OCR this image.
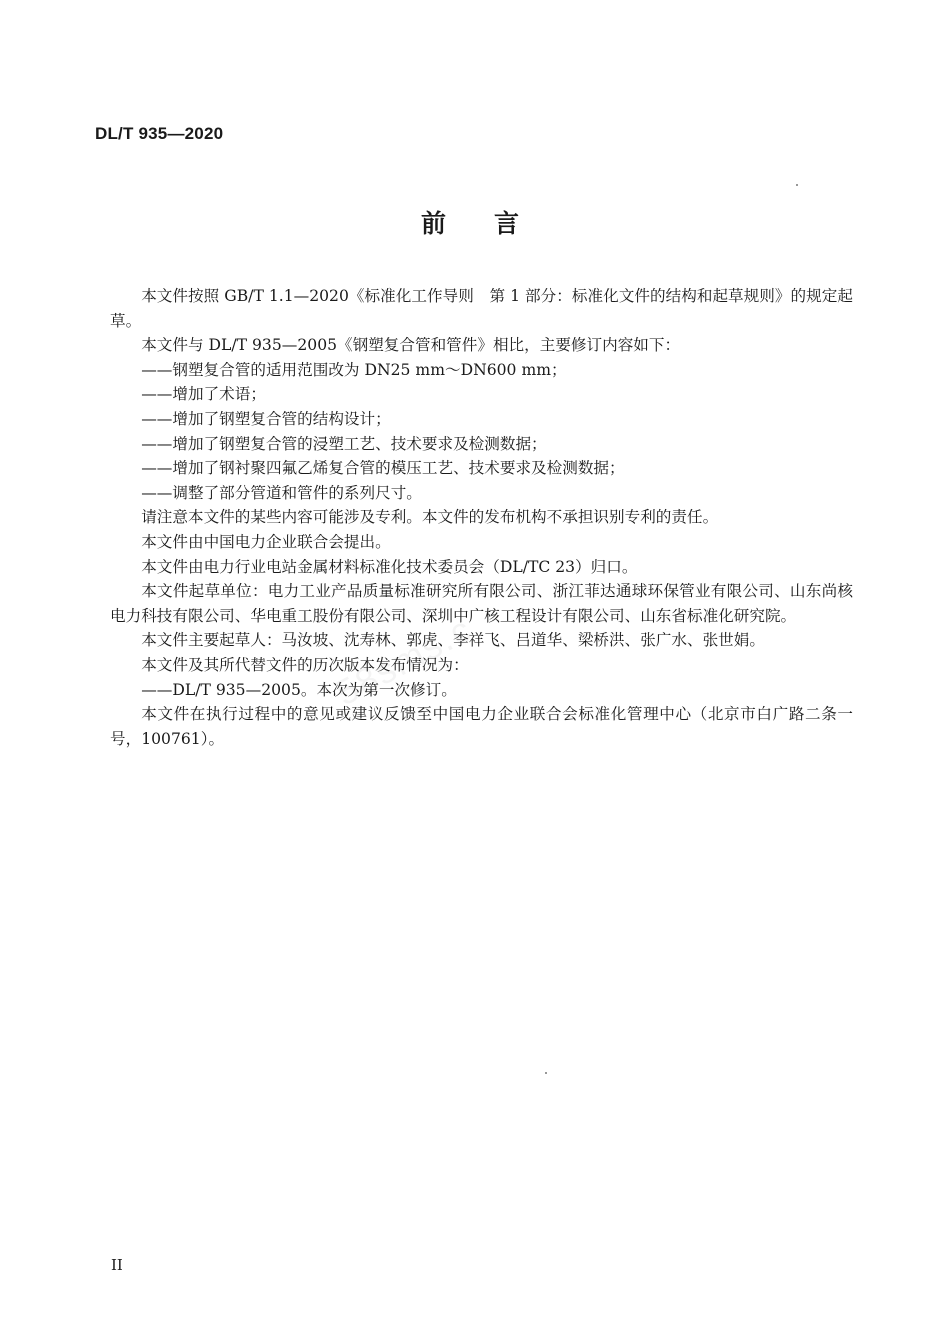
DL/T 935—2020
前言

本文件按照 GB/T 1.1—2020《标准化工作导则　第 1 部分：标准化文件的结构和起草规则》的规定起草。

本文件与 DL/T 935—2005《钢塑复合管和管件》相比，主要修订内容如下：

——钢塑复合管的适用范围改为 DN25 mm～DN600 mm；

——增加了术语；

——增加了钢塑复合管的结构设计；

——增加了钢塑复合管的浸塑工艺、技术要求及检测数据；

——增加了钢衬聚四氟乙烯复合管的模压工艺、技术要求及检测数据；

——调整了部分管道和管件的系列尺寸。

请注意本文件的某些内容可能涉及专利。本文件的发布机构不承担识别专利的责任。

本文件由中国电力企业联合会提出。

本文件由电力行业电站金属材料标准化技术委员会（DL/TC 23）归口。

本文件起草单位：电力工业产品质量标准研究所有限公司、浙江菲达通球环保管业有限公司、山东尚核电力科技有限公司、华电重工股份有限公司、深圳中广核工程设计有限公司、山东省标准化研究院。

本文件主要起草人：马汝坡、沈寿林、郭虎、李祥飞、吕道华、梁桥洪、张广水、张世娟。

本文件及其所代替文件的历次版本发布情况为：

——DL/T 935—2005。本次为第一次修订。

本文件在执行过程中的意见或建议反馈至中国电力企业联合会标准化管理中心（北京市白广路二条一号，100761）。

II
